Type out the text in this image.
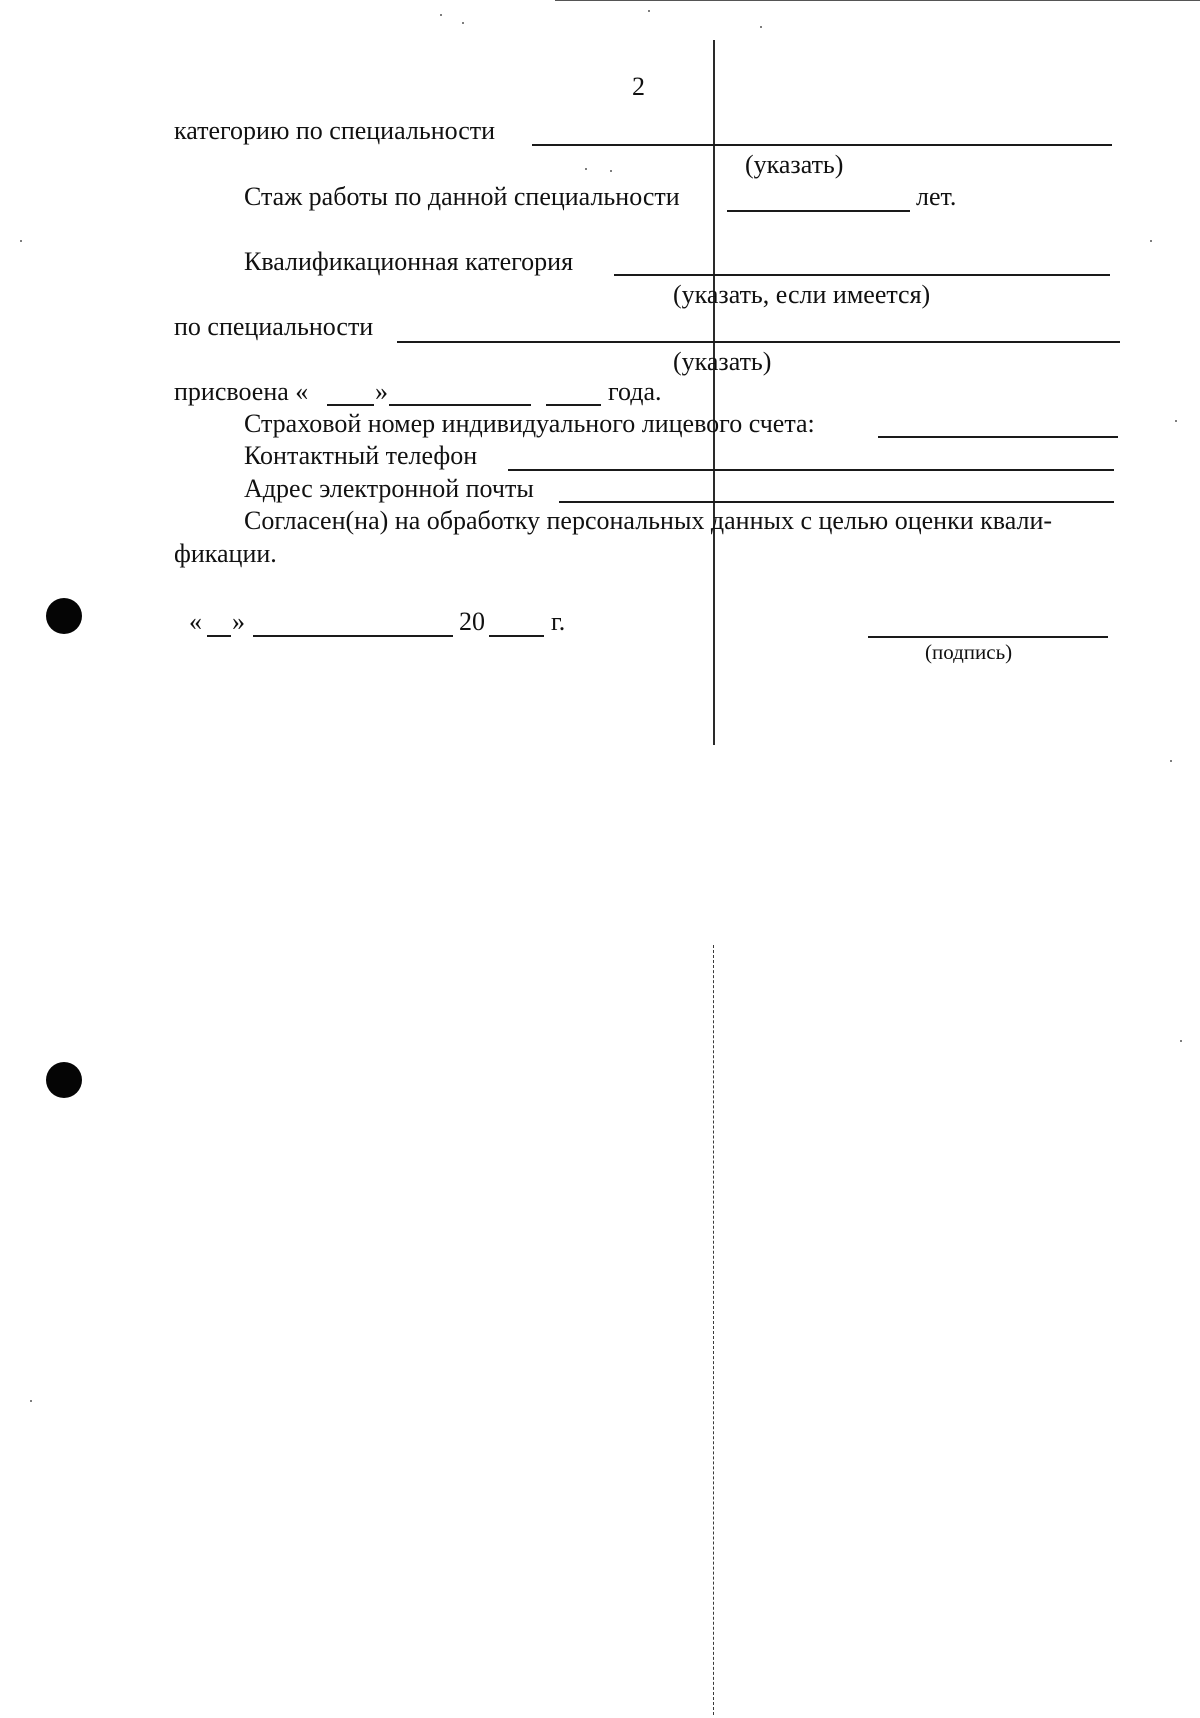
2
категорию по специальности
(указать)
Стаж работы по данной специальности	лет.
Квалификационная категория
(указать, если имеется)
по специальности
(указать)
присвоена «	»	года.
Страховой номер индивидуального лицевого счета:
Контактный телефон
Адрес электронной почты
Согласен(на) на обработку персональных данных с целью оценки квали-
фикации.
« »	20	г.
(подпись)
